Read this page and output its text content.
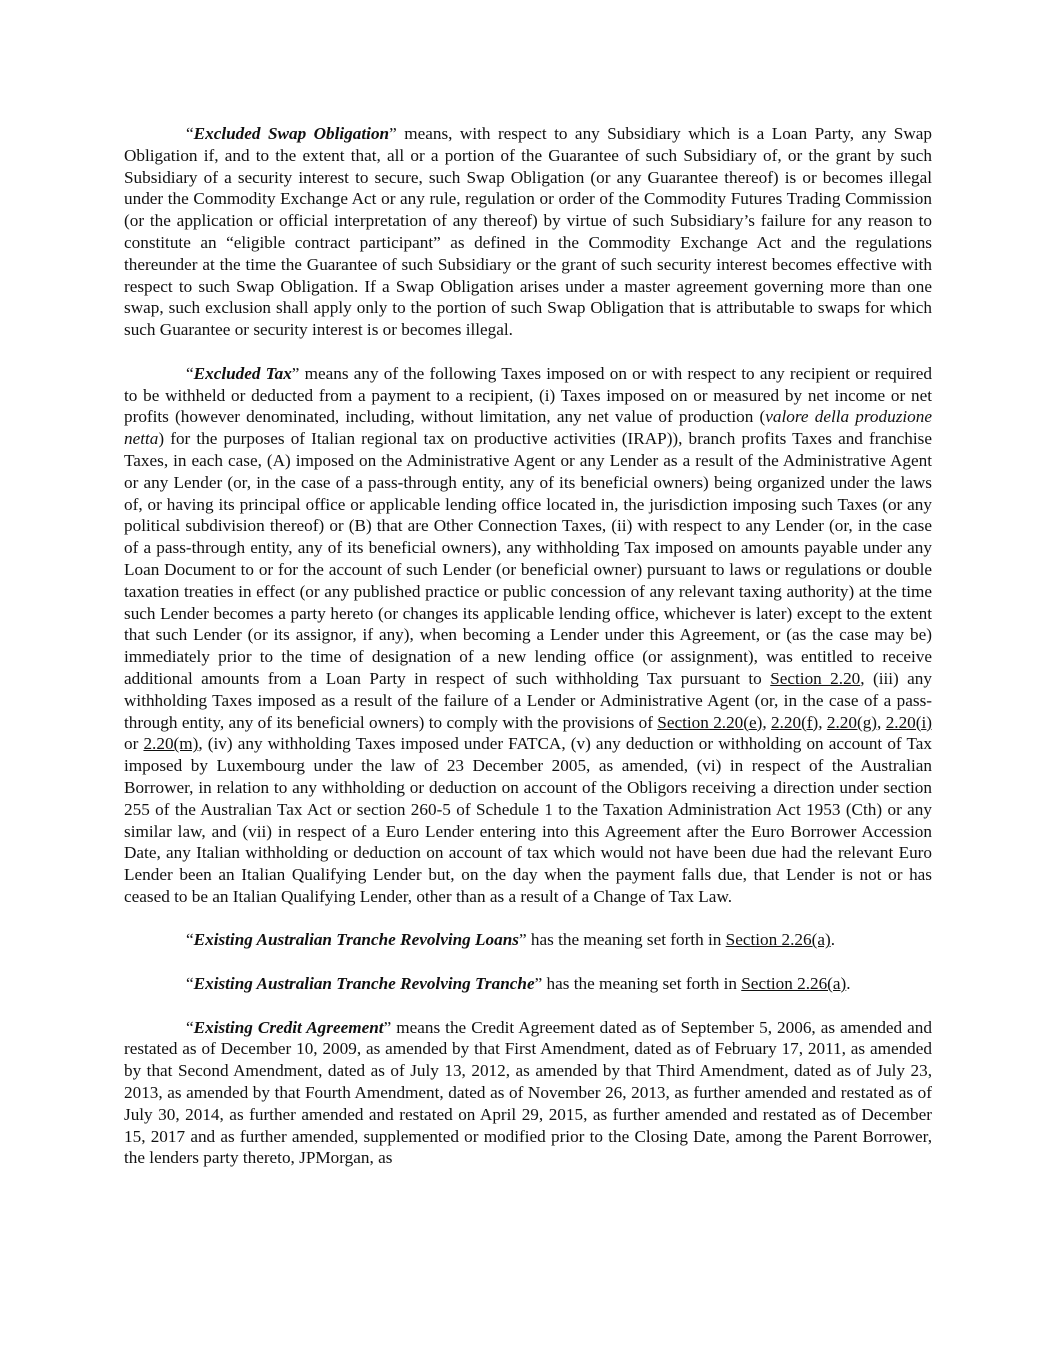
“Excluded Swap Obligation” means, with respect to any Subsidiary which is a Loan Party, any Swap Obligation if, and to the extent that, all or a portion of the Guarantee of such Subsidiary of, or the grant by such Subsidiary of a security interest to secure, such Swap Obligation (or any Guarantee thereof) is or becomes illegal under the Commodity Exchange Act or any rule, regulation or order of the Commodity Futures Trading Commission (or the application or official interpretation of any thereof) by virtue of such Subsidiary’s failure for any reason to constitute an “eligible contract participant” as defined in the Commodity Exchange Act and the regulations thereunder at the time the Guarantee of such Subsidiary or the grant of such security interest becomes effective with respect to such Swap Obligation. If a Swap Obligation arises under a master agreement governing more than one swap, such exclusion shall apply only to the portion of such Swap Obligation that is attributable to swaps for which such Guarantee or security interest is or becomes illegal.

“Excluded Tax” means any of the following Taxes imposed on or with respect to any recipient or required to be withheld or deducted from a payment to a recipient, (i) Taxes imposed on or measured by net income or net profits (however denominated, including, without limitation, any net value of production (valore della produzione netta) for the purposes of Italian regional tax on productive activities (IRAP)), branch profits Taxes and franchise Taxes, in each case, (A) imposed on the Administrative Agent or any Lender as a result of the Administrative Agent or any Lender (or, in the case of a pass-through entity, any of its beneficial owners) being organized under the laws of, or having its principal office or applicable lending office located in, the jurisdiction imposing such Taxes (or any political subdivision thereof) or (B) that are Other Connection Taxes, (ii) with respect to any Lender (or, in the case of a pass-through entity, any of its beneficial owners), any withholding Tax imposed on amounts payable under any Loan Document to or for the account of such Lender (or beneficial owner) pursuant to laws or regulations or double taxation treaties in effect (or any published practice or public concession of any relevant taxing authority) at the time such Lender becomes a party hereto (or changes its applicable lending office, whichever is later) except to the extent that such Lender (or its assignor, if any), when becoming a Lender under this Agreement, or (as the case may be) immediately prior to the time of designation of a new lending office (or assignment), was entitled to receive additional amounts from a Loan Party in respect of such withholding Tax pursuant to Section 2.20, (iii) any withholding Taxes imposed as a result of the failure of a Lender or Administrative Agent (or, in the case of a pass-through entity, any of its beneficial owners) to comply with the provisions of Section 2.20(e), 2.20(f), 2.20(g), 2.20(i) or 2.20(m), (iv) any withholding Taxes imposed under FATCA, (v) any deduction or withholding on account of Tax imposed by Luxembourg under the law of 23 December 2005, as amended, (vi) in respect of the Australian Borrower, in relation to any withholding or deduction on account of the Obligors receiving a direction under section 255 of the Australian Tax Act or section 260-5 of Schedule 1 to the Taxation Administration Act 1953 (Cth) or any similar law, and (vii) in respect of a Euro Lender entering into this Agreement after the Euro Borrower Accession Date, any Italian withholding or deduction on account of tax which would not have been due had the relevant Euro Lender been an Italian Qualifying Lender but, on the day when the payment falls due, that Lender is not or has ceased to be an Italian Qualifying Lender, other than as a result of a Change of Tax Law.

“Existing Australian Tranche Revolving Loans” has the meaning set forth in Section 2.26(a).

“Existing Australian Tranche Revolving Tranche” has the meaning set forth in Section 2.26(a).

“Existing Credit Agreement” means the Credit Agreement dated as of September 5, 2006, as amended and restated as of December 10, 2009, as amended by that First Amendment, dated as of February 17, 2011, as amended by that Second Amendment, dated as of July 13, 2012, as amended by that Third Amendment, dated as of July 23, 2013, as amended by that Fourth Amendment, dated as of November 26, 2013, as further amended and restated as of July 30, 2014, as further amended and restated on April 29, 2015, as further amended and restated as of December 15, 2017 and as further amended, supplemented or modified prior to the Closing Date, among the Parent Borrower, the lenders party thereto, JPMorgan, as
